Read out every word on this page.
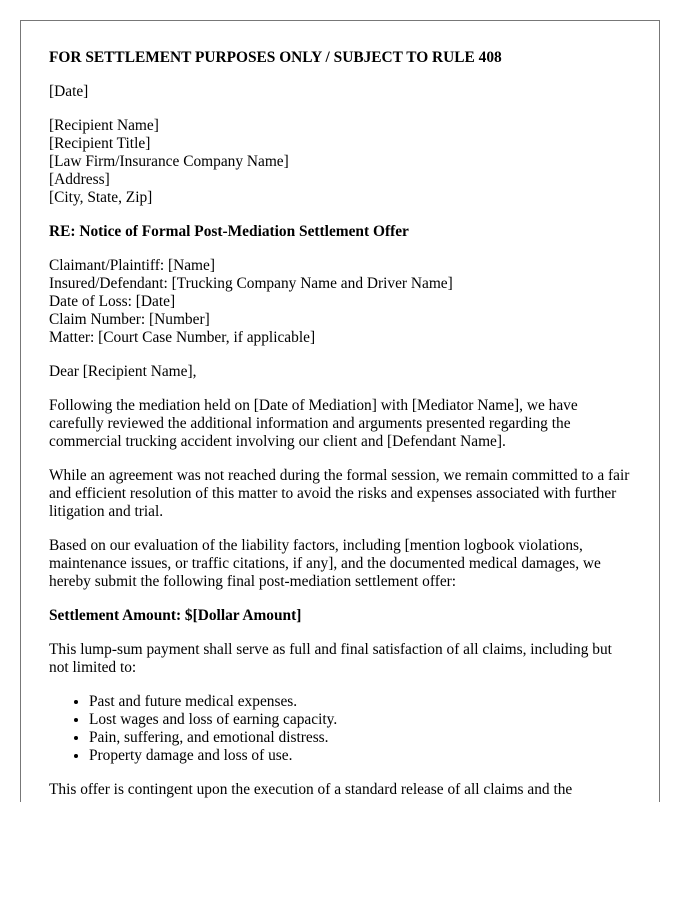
FOR SETTLEMENT PURPOSES ONLY / SUBJECT TO RULE 408

[Date]

[Recipient Name]
[Recipient Title]
[Law Firm/Insurance Company Name]
[Address]
[City, State, Zip]

RE: Notice of Formal Post-Mediation Settlement Offer

Claimant/Plaintiff: [Name]
Insured/Defendant: [Trucking Company Name and Driver Name]
Date of Loss: [Date]
Claim Number: [Number]
Matter: [Court Case Number, if applicable]

Dear [Recipient Name],

Following the mediation held on [Date of Mediation] with [Mediator Name], we have carefully reviewed the additional information and arguments presented regarding the commercial trucking accident involving our client and [Defendant Name].

While an agreement was not reached during the formal session, we remain committed to a fair and efficient resolution of this matter to avoid the risks and expenses associated with further litigation and trial.

Based on our evaluation of the liability factors, including [mention logbook violations, maintenance issues, or traffic citations, if any], and the documented medical damages, we hereby submit the following final post-mediation settlement offer:

Settlement Amount: $[Dollar Amount]

This lump-sum payment shall serve as full and final satisfaction of all claims, including but not limited to:

• Past and future medical expenses.
• Lost wages and loss of earning capacity.
• Pain, suffering, and emotional distress.
• Property damage and loss of use.

This offer is contingent upon the execution of a standard release of all claims and the
